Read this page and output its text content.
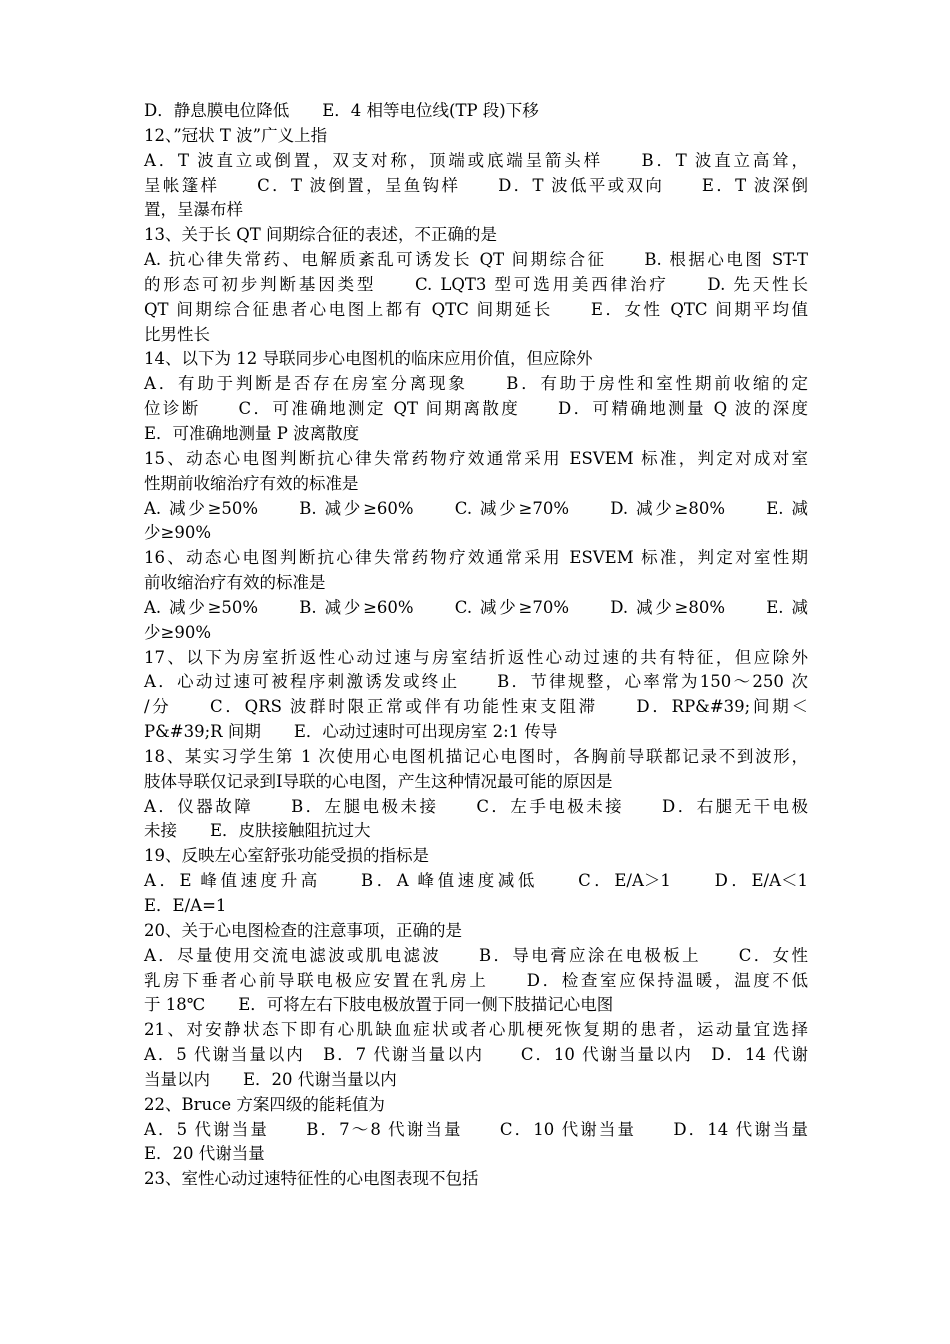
D．静息膜电位降低　　E．4 相等电位线(TP 段)下移
12、”冠状 T 波”广义上指
A．T 波直立或倒置，双支对称，顶端或底端呈箭头样　　B．T 波直立高耸，
呈帐篷样　　C．T 波倒置，呈鱼钩样　　D．T 波低平或双向　　E．T 波深倒
置，呈瀑布样
13、关于长 QT 间期综合征的表述，不正确的是
A. 抗心律失常药、电解质紊乱可诱发长 QT 间期综合征　　B. 根据心电图 ST-T
的形态可初步判断基因类型　　C. LQT3 型可选用美西律治疗　　D. 先天性长
QT 间期综合征患者心电图上都有 QTC 间期延长　　E．女性 QTC 间期平均值
比男性长
14、以下为 12 导联同步心电图机的临床应用价值，但应除外
A．有助于判断是否存在房室分离现象　　B．有助于房性和室性期前收缩的定
位诊断　　C．可准确地测定 QT 间期离散度　　D．可精确地测量 Q 波的深度
E．可准确地测量 P 波离散度
15、动态心电图判断抗心律失常药物疗效通常采用 ESVEM 标准，判定对成对室
性期前收缩治疗有效的标准是
A. 减少≥50%　　B. 减少≥60%　　C. 减少≥70%　　D. 减少≥80%　　E. 减
少≥90%
16、动态心电图判断抗心律失常药物疗效通常采用 ESVEM 标准，判定对室性期
前收缩治疗有效的标准是
A. 减少≥50%　　B. 减少≥60%　　C. 减少≥70%　　D. 减少≥80%　　E. 减
少≥90%
17、以下为房室折返性心动过速与房室结折返性心动过速的共有特征，但应除外
A．心动过速可被程序刺激诱发或终止　　B．节律规整，心率常为150～250 次
/分　　C．QRS 波群时限正常或伴有功能性束支阻滞　　D．RP&#39;间期＜
P&#39;R 间期　　E．心动过速时可出现房室 2:1 传导
18、某实习学生第 1 次使用心电图机描记心电图时，各胸前导联都记录不到波形，
肢体导联仅记录到Ⅰ导联的心电图，产生这种情况最可能的原因是
A．仪器故障　　B．左腿电极未接　　C．左手电极未接　　D．右腿无干电极
未接　　E．皮肤接触阻抗过大
19、反映左心室舒张功能受损的指标是
A．E 峰值速度升高　　B．A 峰值速度减低　　C．E/A＞1　　D．E/A＜1
E．E/A=1
20、关于心电图检查的注意事项，正确的是
A．尽量使用交流电滤波或肌电滤波　　B．导电膏应涂在电极板上　　C．女性
乳房下垂者心前导联电极应安置在乳房上　　D．检查室应保持温暖，温度不低
于 18℃　　E．可将左右下肢电极放置于同一侧下肢描记心电图
21、对安静状态下即有心肌缺血症状或者心肌梗死恢复期的患者，运动量宜选择
A．5 代谢当量以内　B．7 代谢当量以内　　C．10 代谢当量以内　D．14 代谢
当量以内　　E．20 代谢当量以内
22、Bruce 方案四级的能耗值为
A．5 代谢当量　　B．7～8 代谢当量　　C．10 代谢当量　　D．14 代谢当量
E．20 代谢当量
23、室性心动过速特征性的心电图表现不包括
